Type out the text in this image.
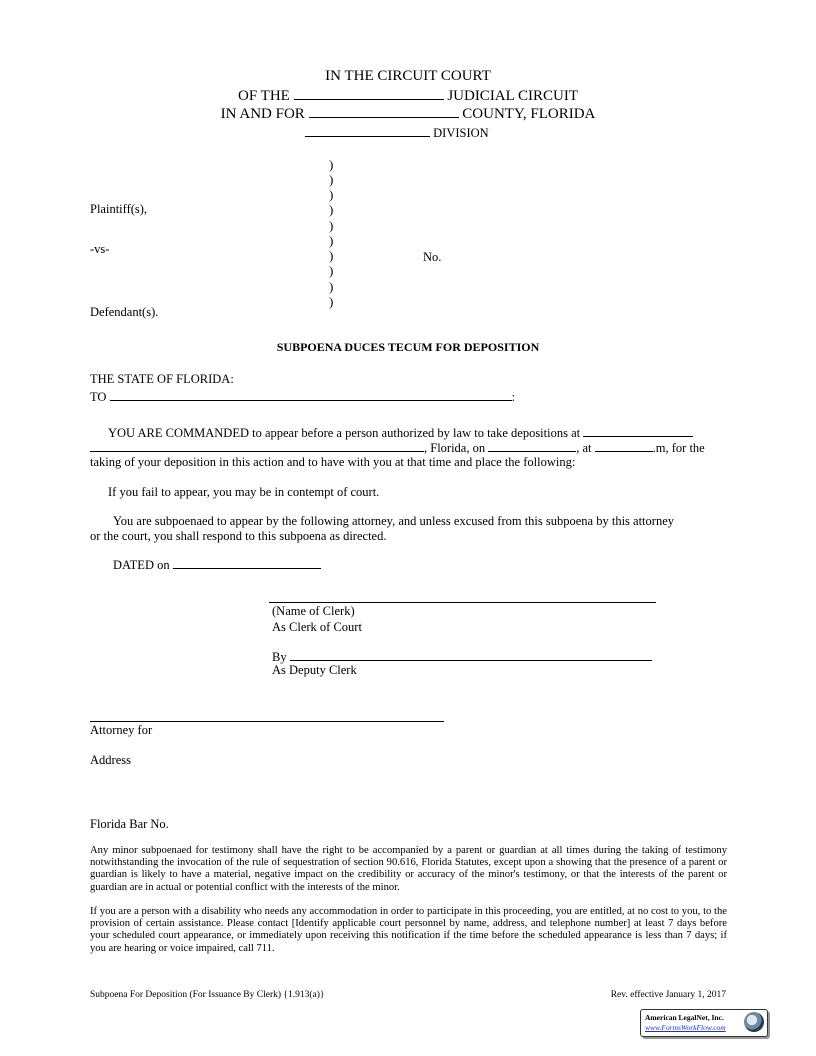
IN THE CIRCUIT COURT
OF THE	JUDICIAL CIRCUIT
IN AND FOR	COUNTY, FLORIDA
DIVISION
)
)
)
)
)
)
)
)
)
)
Plaintiff(s),
-vs-
No.
Defendant(s).
SUBPOENA DUCES TECUM FOR DEPOSITION
THE STATE OF FLORIDA:
TO	:
YOU ARE COMMANDED to appear before a person authorized by law to take depositions at
, Florida, on	, at	.m, for the
taking of your deposition in this action and to have with you at that time and place the following:
If you fail to appear, you may be in contempt of court.
You are subpoenaed to appear by the following attorney, and unless excused from this subpoena by this attorney
or the court, you shall respond to this subpoena as directed.
DATED on
(Name of Clerk)
As Clerk of Court
By
As Deputy Clerk
Attorney for
Address
Florida Bar No.
Any minor subpoenaed for testimony shall have the right to be accompanied by a parent or guardian at all times during the taking of testimony notwithstanding the invocation of the rule of sequestration of section 90.616, Florida Statutes, except upon a showing that the presence of a parent or guardian is likely to have a material, negative impact on the credibility or accuracy of the minor's testimony, or that the interests of the parent or guardian are in actual or potential conflict with the interests of the minor.
If you are a person with a disability who needs any accommodation in order to participate in this proceeding, you are entitled, at no cost to you, to the provision of certain assistance. Please contact [Identify applicable court personnel by name, address, and telephone number] at least 7 days before your scheduled court appearance, or immediately upon receiving this notification if the time before the scheduled appearance is less than 7 days; if you are hearing or voice impaired, call 711.
Subpoena For Deposition (For Issuance By Clerk) {1.913(a)}	Rev. effective January 1, 2017
American LegalNet, Inc.
www.FormsWorkFlow.com
